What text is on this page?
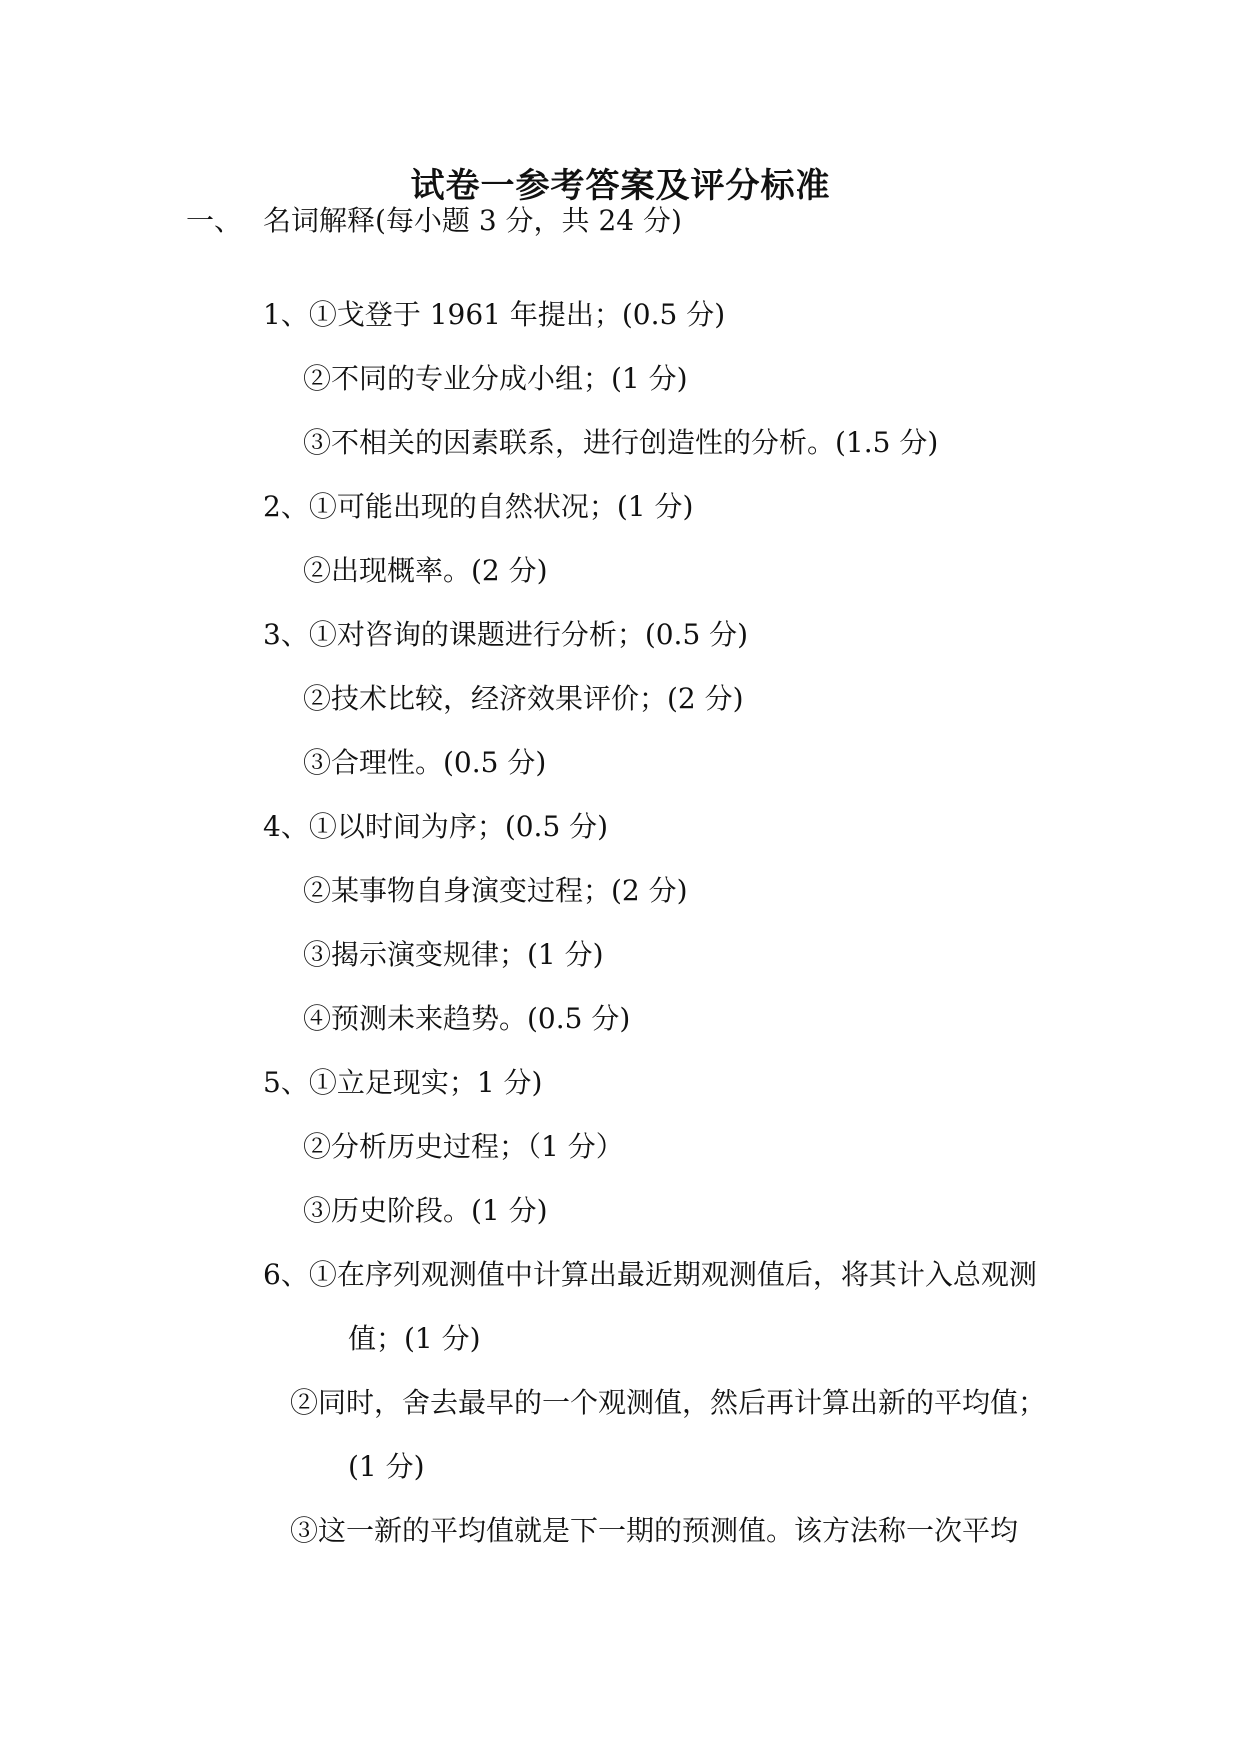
试卷一参考答案及评分标准
一、 名词解释(每小题 3 分，共 24 分)
1、①戈登于 1961 年提出；(0.5 分)
②不同的专业分成小组；(1 分)
③不相关的因素联系，进行创造性的分析。(1.5 分)
2、①可能出现的自然状况；(1 分)
②出现概率。(2 分)
3、①对咨询的课题进行分析；(0.5 分)
②技术比较，经济效果评价；(2 分)
③合理性。(0.5 分)
4、①以时间为序；(0.5 分)
②某事物自身演变过程；(2 分)
③揭示演变规律；(1 分)
④预测未来趋势。(0.5 分)
5、①立足现实；1 分)
②分析历史过程；（1 分）
③历史阶段。(1 分)
6、①在序列观测值中计算出最近期观测值后，将其计入总观测
值；(1 分)
②同时，舍去最早的一个观测值，然后再计算出新的平均值；
(1 分)
③这一新的平均值就是下一期的预测值。该方法称一次平均
